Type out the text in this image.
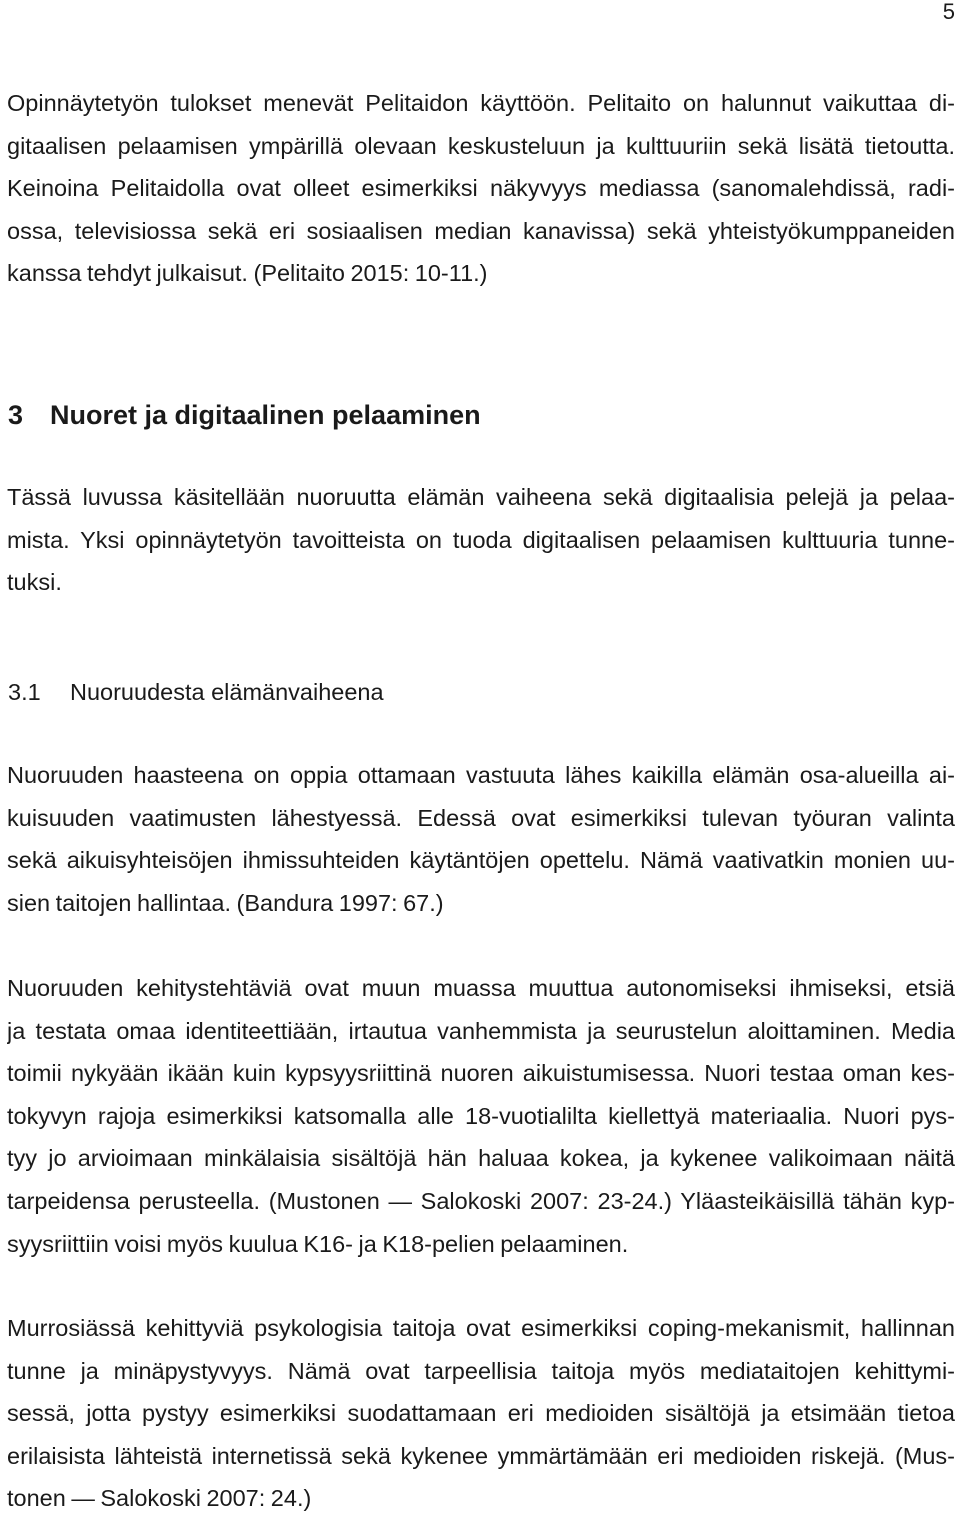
5
Opinnäytetyön tulokset menevät Pelitaidon käyttöön. Pelitaito on halunnut vaikuttaa di-
gitaalisen pelaamisen ympärillä olevaan keskusteluun ja kulttuuriin sekä lisätä tietoutta.
Keinoina Pelitaidolla ovat olleet esimerkiksi näkyvyys mediassa (sanomalehdissä, radi-
ossa, televisiossa sekä eri sosiaalisen median kanavissa) sekä yhteistyökumppaneiden
kanssa tehdyt julkaisut. (Pelitaito 2015: 10-11.)
3 Nuoret ja digitaalinen pelaaminen
Tässä luvussa käsitellään nuoruutta elämän vaiheena sekä digitaalisia pelejä ja pelaa-
mista. Yksi opinnäytetyön tavoitteista on tuoda digitaalisen pelaamisen kulttuuria tunne-
tuksi.
3.1 Nuoruudesta elämänvaiheena
Nuoruuden haasteena on oppia ottamaan vastuuta lähes kaikilla elämän osa-alueilla ai-
kuisuuden vaatimusten lähestyessä. Edessä ovat esimerkiksi tulevan työuran valinta
sekä aikuisyhteisöjen ihmissuhteiden käytäntöjen opettelu. Nämä vaativatkin monien uu-
sien taitojen hallintaa. (Bandura 1997: 67.)
Nuoruuden kehitystehtäviä ovat muun muassa muuttua autonomiseksi ihmiseksi, etsiä
ja testata omaa identiteettiään, irtautua vanhemmista ja seurustelun aloittaminen. Media
toimii nykyään ikään kuin kypsyysriittinä nuoren aikuistumisessa. Nuori testaa oman kes-
tokyvyn rajoja esimerkiksi katsomalla alle 18-vuotialilta kiellettyä materiaalia. Nuori pys-
tyy jo arvioimaan minkälaisia sisältöjä hän haluaa kokea, ja kykenee valikoimaan näitä
tarpeidensa perusteella. (Mustonen — Salokoski 2007: 23-24.) Yläasteikäisillä tähän kyp-
syysriittiin voisi myös kuulua K16- ja K18-pelien pelaaminen.
Murrosiässä kehittyviä psykologisia taitoja ovat esimerkiksi coping-mekanismit, hallinnan
tunne ja minäpystyvyys. Nämä ovat tarpeellisia taitoja myös mediataitojen kehittymi-
sessä, jotta pystyy esimerkiksi suodattamaan eri medioiden sisältöjä ja etsimään tietoa
erilaisista lähteistä internetissä sekä kykenee ymmärtämään eri medioiden riskejä. (Mus-
tonen — Salokoski 2007: 24.)
